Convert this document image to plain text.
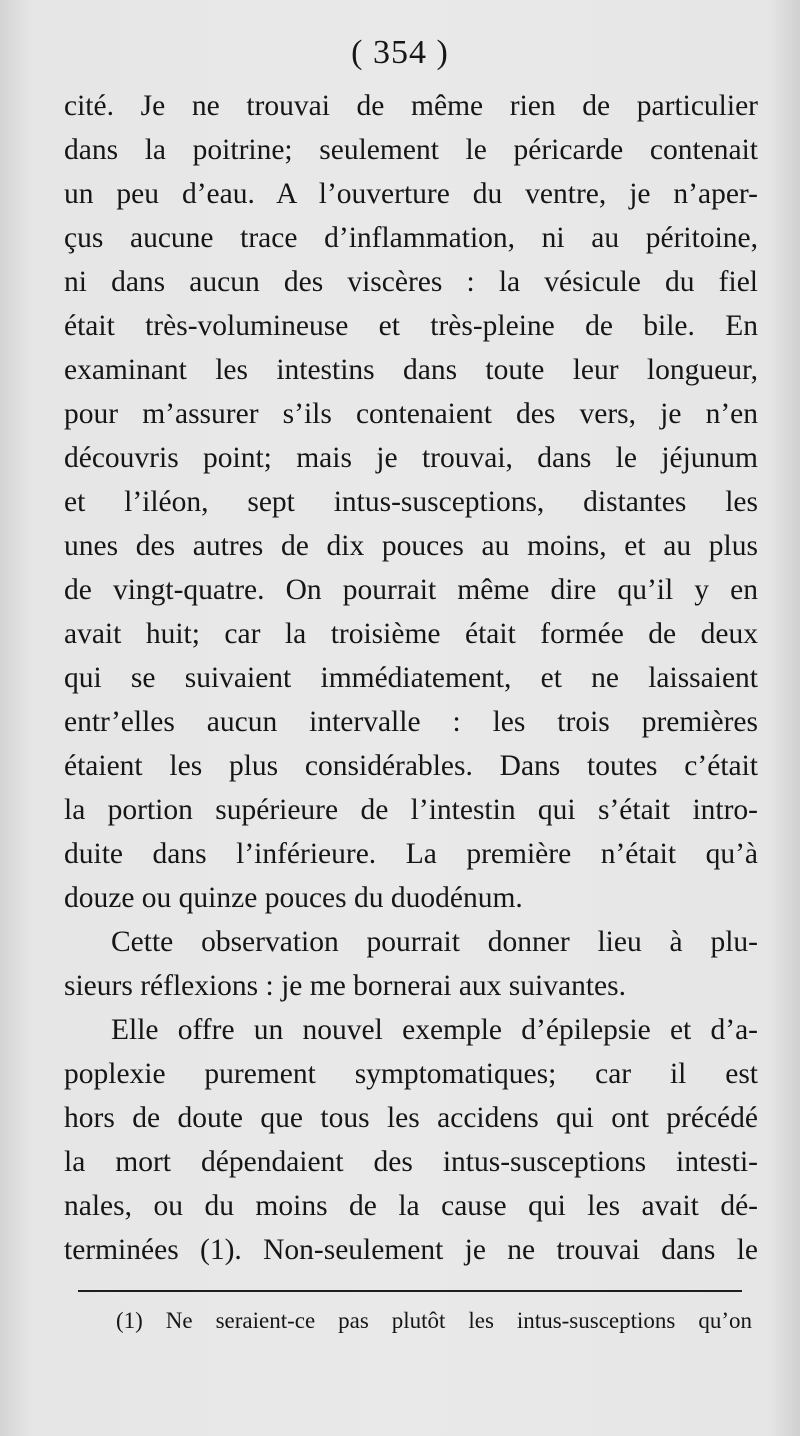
( 354 )
cité. Je ne trouvai de même rien de particulier
dans la poitrine; seulement le péricarde contenait
un peu d’eau. A l’ouverture du ventre, je n’aper-
çus aucune trace d’inflammation, ni au péritoine,
ni dans aucun des viscères : la vésicule du fiel
était très-volumineuse et très-pleine de bile. En
examinant les intestins dans toute leur longueur,
pour m’assurer s’ils contenaient des vers, je n’en
découvris point; mais je trouvai, dans le jéjunum
et l’iléon, sept intus-susceptions, distantes les
unes des autres de dix pouces au moins, et au plus
de vingt-quatre. On pourrait même dire qu’il y en
avait huit; car la troisième était formée de deux
qui se suivaient immédiatement, et ne laissaient
entr’elles aucun intervalle : les trois premières
étaient les plus considérables. Dans toutes c’était
la portion supérieure de l’intestin qui s’était intro-
duite dans l’inférieure. La première n’était qu’à
douze ou quinze pouces du duodénum.
Cette observation pourrait donner lieu à plu-
sieurs réflexions : je me bornerai aux suivantes.
Elle offre un nouvel exemple d’épilepsie et d’a-
poplexie purement symptomatiques; car il est
hors de doute que tous les accidens qui ont précédé
la mort dépendaient des intus-susceptions intesti-
nales, ou du moins de la cause qui les avait dé-
terminées (1). Non-seulement je ne trouvai dans le
(1) Ne seraient-ce pas plutôt les intus-susceptions qu’on
